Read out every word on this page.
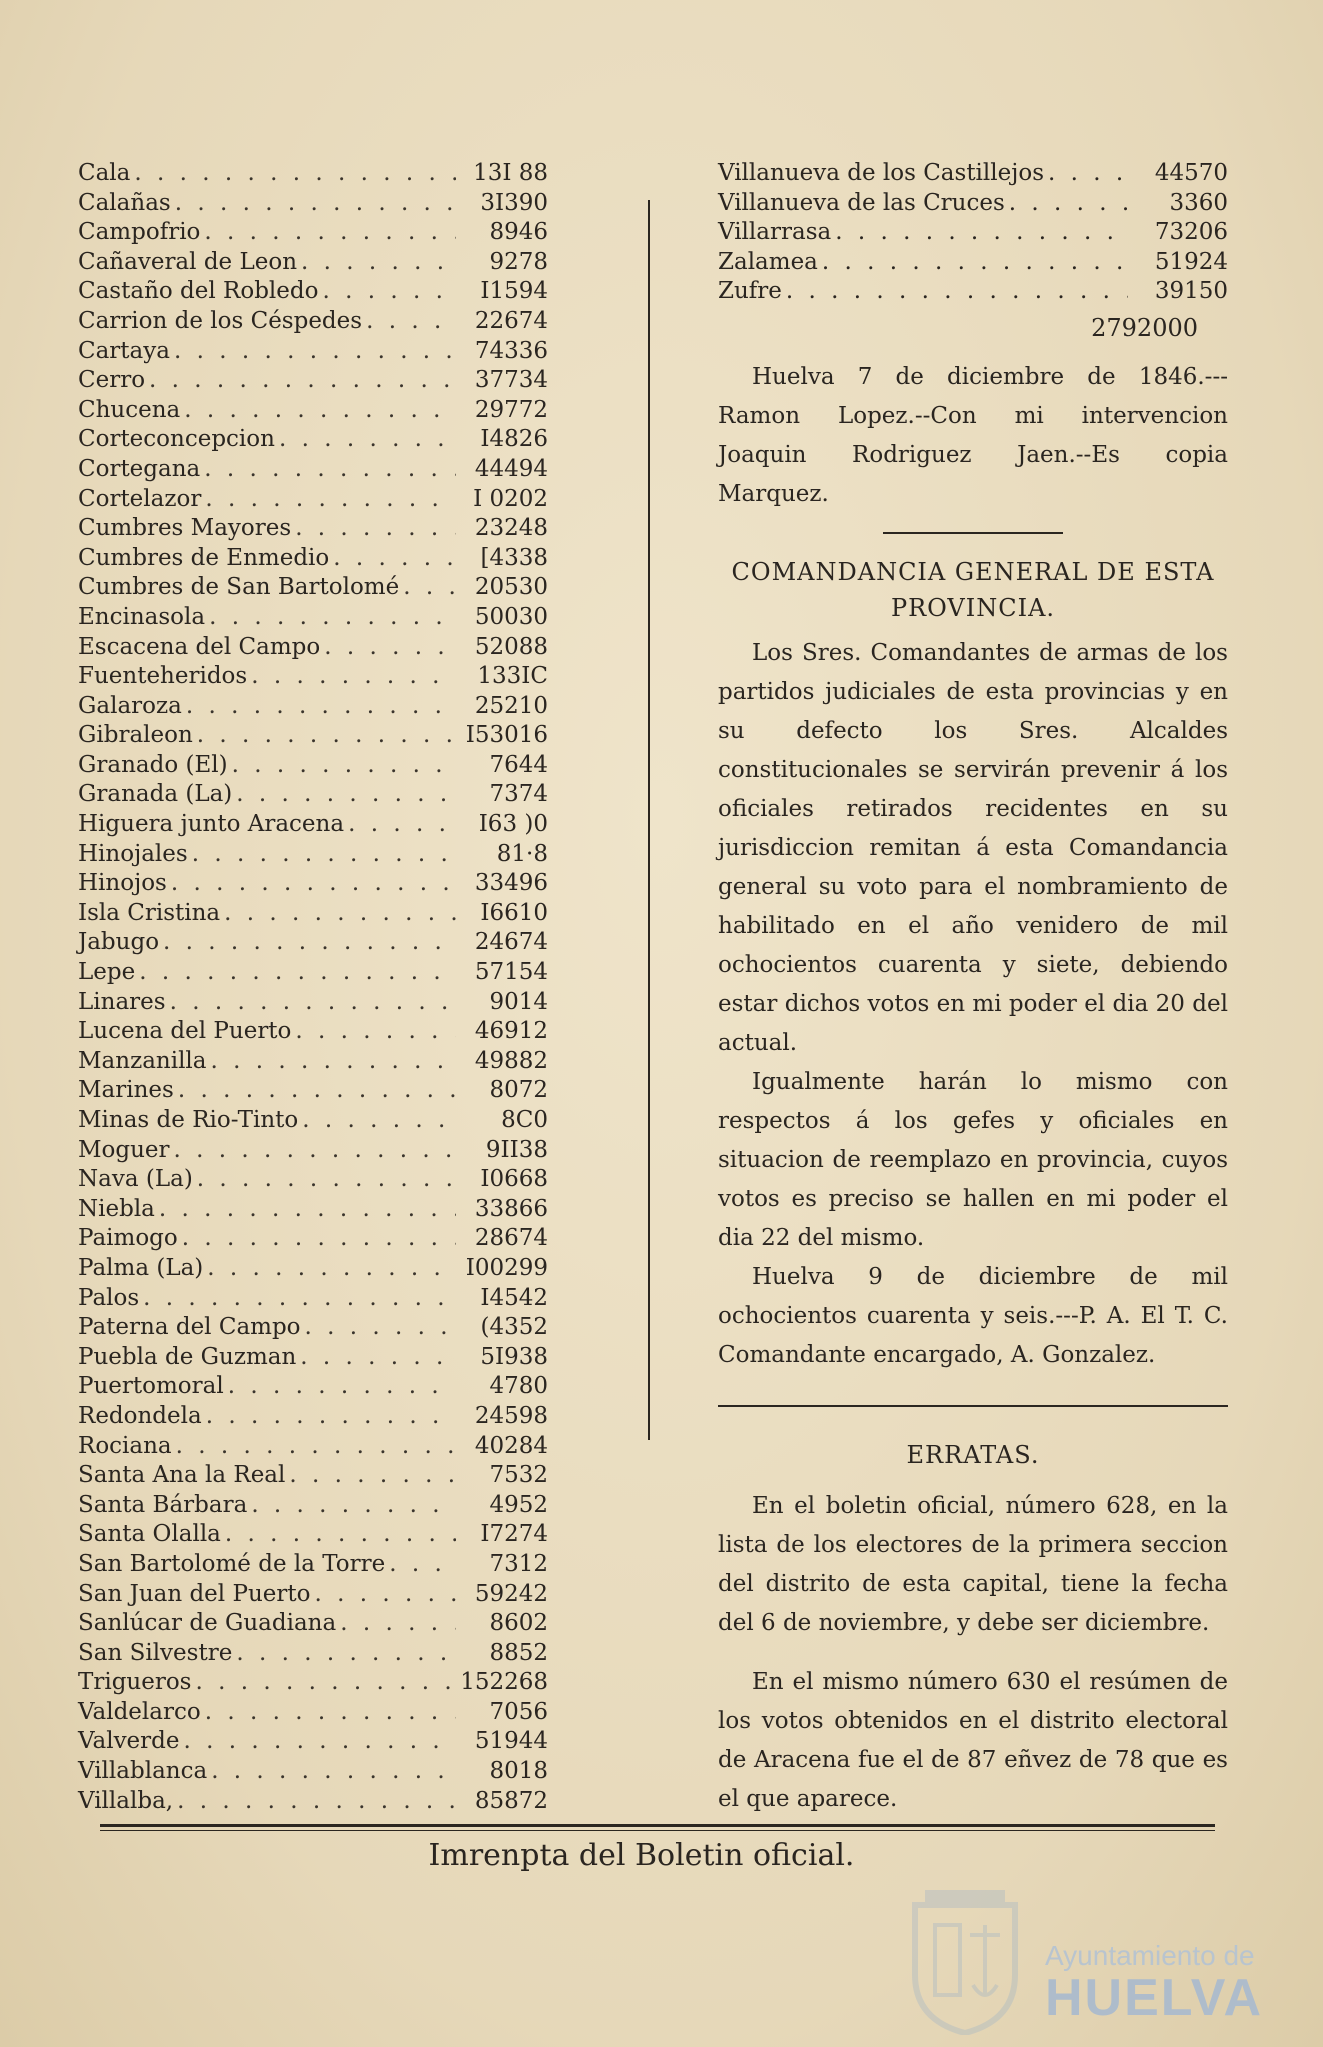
Cala . . .	13I 88
Calañas . . .	3I390
Campofrio . . .	8946
Cañaveral de Leon . . .	9278
Castaño del Robledo . . .	I1594
Carrion de los Céspedes . . .	22674
Cartaya . . .	74336
Cerro . . .	37734
Chucena . . .	29772
Corteconcepcion . . .	I4826
Cortegana . . .	44494
Cortelazor . . .	I 0202
Cumbres Mayores . . .	23248
Cumbres de Enmedio . . .	[4338
Cumbres de San Bartolomé . . .	20530
Encinasola . . .	50030
Escacena del Campo . . .	52088
Fuenteheridos . . .	133IC
Galaroza . . .	25210
Gibraleon . . .	I53016
Granado (El) . . .	7644
Granada (La) . . .	7374
Higuera junto Aracena . . .	I63 )0
Hinojales . . .	81·8
Hinojos . . .	33496
Isla Cristina . . .	I6610
Jabugo . . .	24674
Lepe . . .	57154
Linares . . .	9014
Lucena del Puerto . . .	46912
Manzanilla . . .	49882
Marines . . .	8072
Minas de Rio-Tinto . . .	8C0
Moguer . . .	9II38
Nava (La) . . .	I0668
Niebla . . .	33866
Paimogo . . .	28674
Palma (La) . . .	I00299
Palos . . .	I4542
Paterna del Campo . . .	(4352
Puebla de Guzman . . .	5I938
Puertomoral . . .	4780
Redondela . . .	24598
Rociana . . .	40284
Santa Ana la Real . . .	7532
Santa Bárbara . . .	4952
Santa Olalla . . .	I7274
San Bartolomé de la Torre . . .	7312
San Juan del Puerto . . .	59242
Sanlúcar de Guadiana . . .	8602
San Silvestre . . .	8852
Trigueros . . .	152268
Valdelarco . . .	7056
Valverde . . .	51944
Villablanca . . .	8018
Villalba, . . .	85872
Villanueva de los Castillejos . . .	44570
Villanueva de las Cruces . . .	3360
Villarrasa . . .	73206
Zalamea . . .	51924
Zufre . . .	39150
2792000

Huelva 7 de diciembre de 1846.---Ramon Lopez.--Con mi intervencion Joaquin Rodriguez Jaen.--Es copia Marquez.

COMANDANCIA GENERAL DE ESTA
PROVINCIA.

Los Sres. Comandantes de armas de los partidos judiciales de esta provincias y en su defecto los Sres. Alcaldes constitucionales se servirán prevenir á los oficiales retirados recidentes en su jurisdiccion remitan á esta Comandancia general su voto para el nombramiento de habilitado en el año venidero de mil ochocientos cuarenta y siete, debiendo estar dichos votos en mi poder el dia 20 del actual.

Igualmente harán lo mismo con respectos á los gefes y oficiales en situacion de reemplazo en provincia, cuyos votos es preciso se hallen en mi poder el dia 22 del mismo.

Huelva 9 de diciembre de mil ochocientos cuarenta y seis.---P. A. El T. C. Comandante encargado, A. Gonzalez.

ERRATAS.

En el boletin oficial, número 628, en la lista de los electores de la primera seccion del distrito de esta capital, tiene la fecha del 6 de noviembre, y debe ser diciembre.

En el mismo número 630 el resúmen de los votos obtenidos en el distrito electoral de Aracena fue el de 87 eñvez de 78 que es el que aparece.

Imrenpta del Boletin oficial.
Ayuntamiento de
HUELVA
